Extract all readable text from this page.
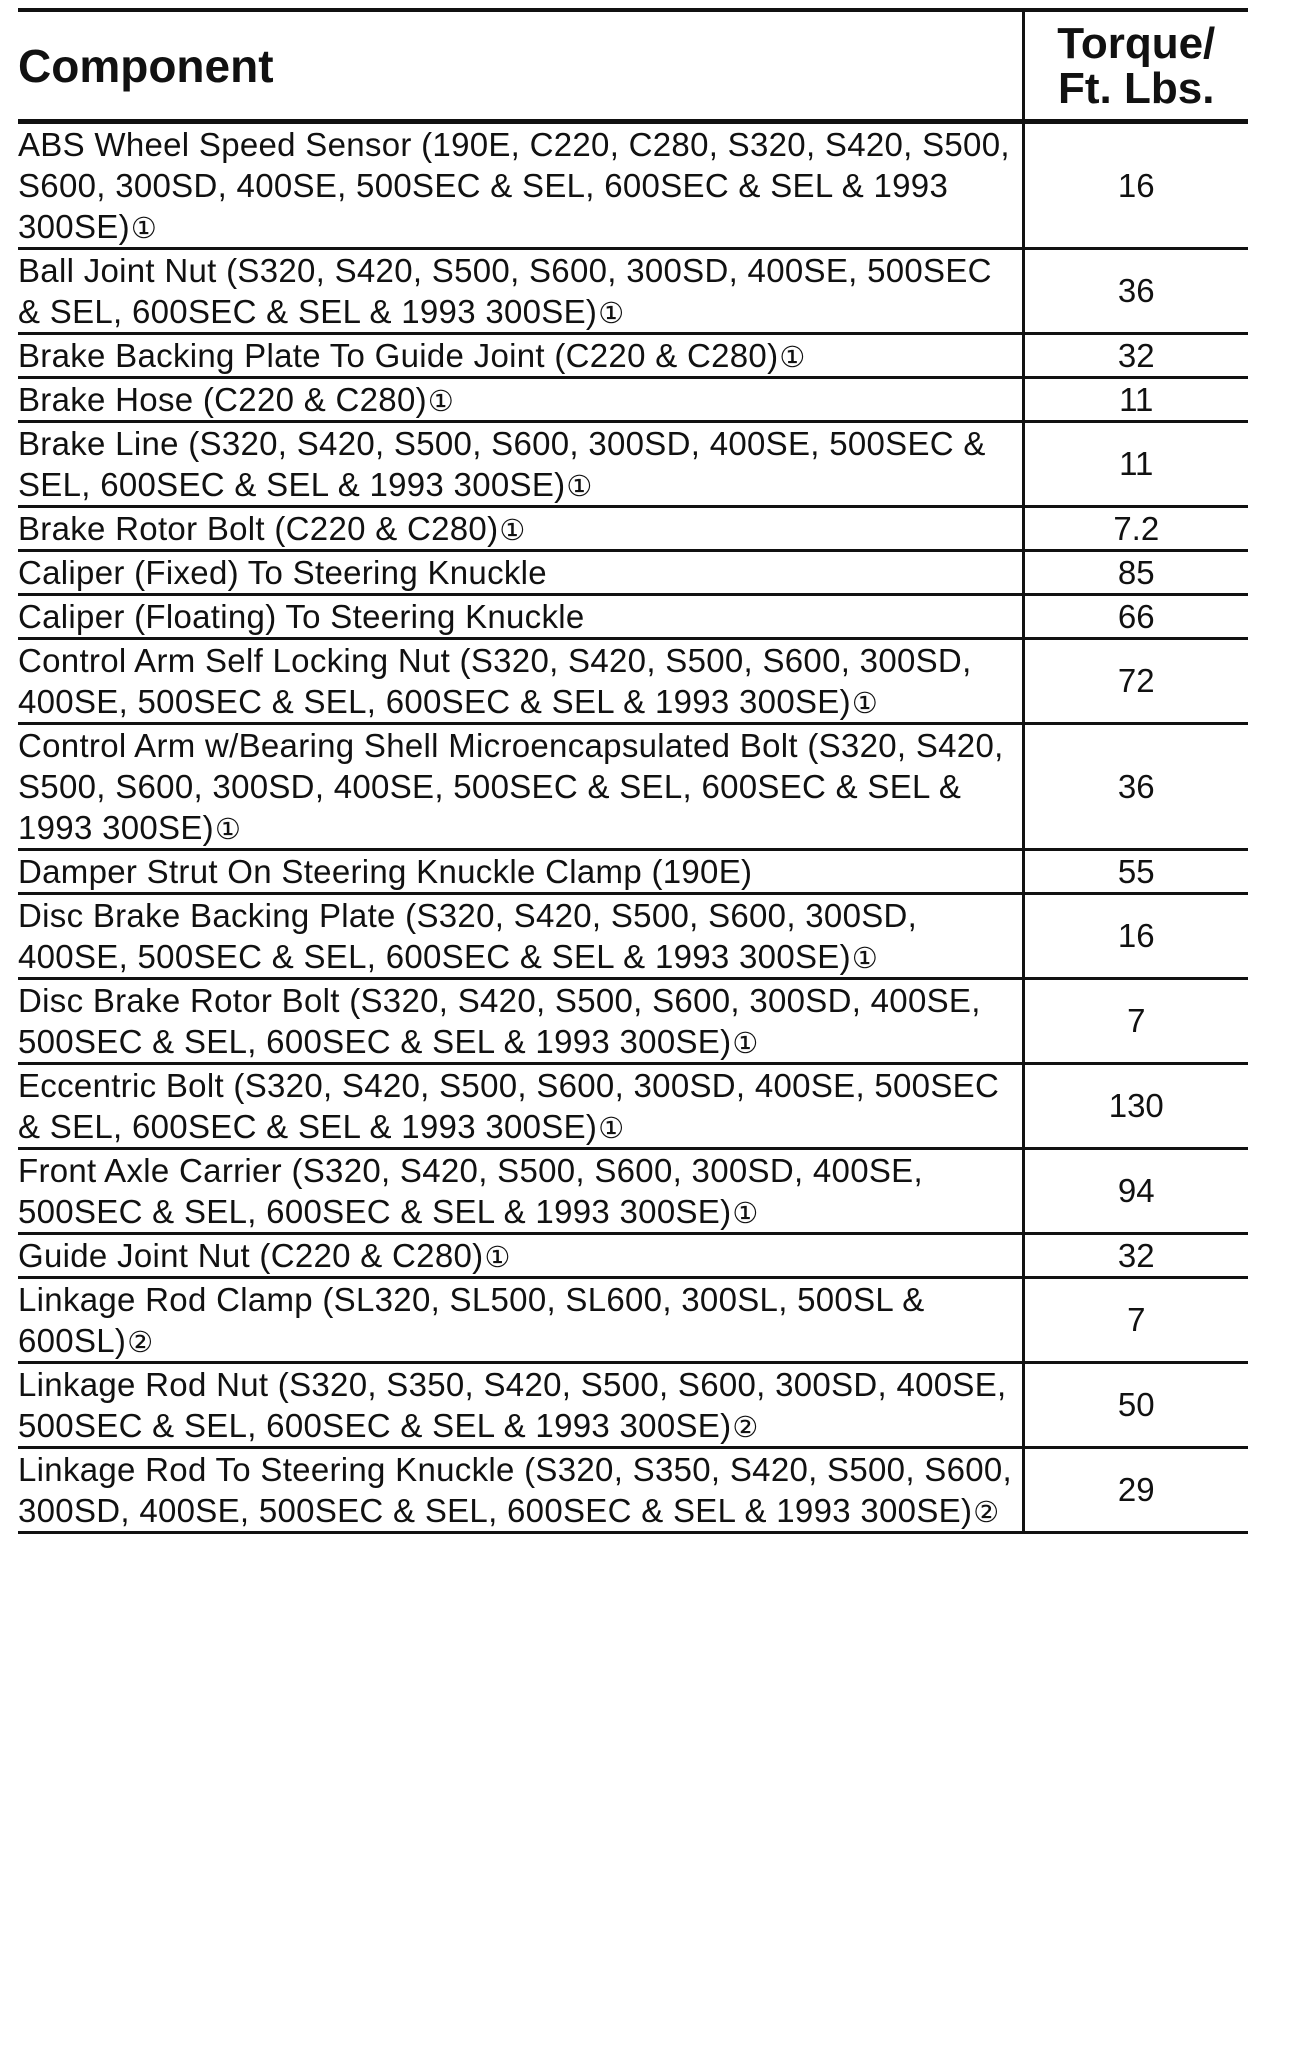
Component	Torque/
Ft. Lbs.

ABS Wheel Speed Sensor (190E, C220, C280, S320, S420, S500, S600, 300SD, 400SE, 500SEC & SEL, 600SEC & SEL & 1993 300SE)①	16
Ball Joint Nut (S320, S420, S500, S600, 300SD, 400SE, 500SEC & SEL, 600SEC & SEL & 1993 300SE)①	36
Brake Backing Plate To Guide Joint (C220 & C280)①	32
Brake Hose (C220 & C280)①	11
Brake Line (S320, S420, S500, S600, 300SD, 400SE, 500SEC & SEL, 600SEC & SEL & 1993 300SE)①	11
Brake Rotor Bolt (C220 & C280)①	7.2
Caliper (Fixed) To Steering Knuckle	85
Caliper (Floating) To Steering Knuckle	66
Control Arm Self Locking Nut (S320, S420, S500, S600, 300SD, 400SE, 500SEC & SEL, 600SEC & SEL & 1993 300SE)①	72
Control Arm w/Bearing Shell Microencapsulated Bolt (S320, S420, S500, S600, 300SD, 400SE, 500SEC & SEL, 600SEC & SEL & 1993 300SE)①	36
Damper Strut On Steering Knuckle Clamp (190E)	55
Disc Brake Backing Plate (S320, S420, S500, S600, 300SD, 400SE, 500SEC & SEL, 600SEC & SEL & 1993 300SE)①	16
Disc Brake Rotor Bolt (S320, S420, S500, S600, 300SD, 400SE, 500SEC & SEL, 600SEC & SEL & 1993 300SE)①	7
Eccentric Bolt (S320, S420, S500, S600, 300SD, 400SE, 500SEC & SEL, 600SEC & SEL & 1993 300SE)①	130
Front Axle Carrier (S320, S420, S500, S600, 300SD, 400SE, 500SEC & SEL, 600SEC & SEL & 1993 300SE)①	94
Guide Joint Nut (C220 & C280)①	32
Linkage Rod Clamp (SL320, SL500, SL600, 300SL, 500SL & 600SL)②	7
Linkage Rod Nut (S320, S350, S420, S500, S600, 300SD, 400SE, 500SEC & SEL, 600SEC & SEL & 1993 300SE)②	50
Linkage Rod To Steering Knuckle (S320, S350, S420, S500, S600, 300SD, 400SE, 500SEC & SEL, 600SEC & SEL & 1993 300SE)②	29
